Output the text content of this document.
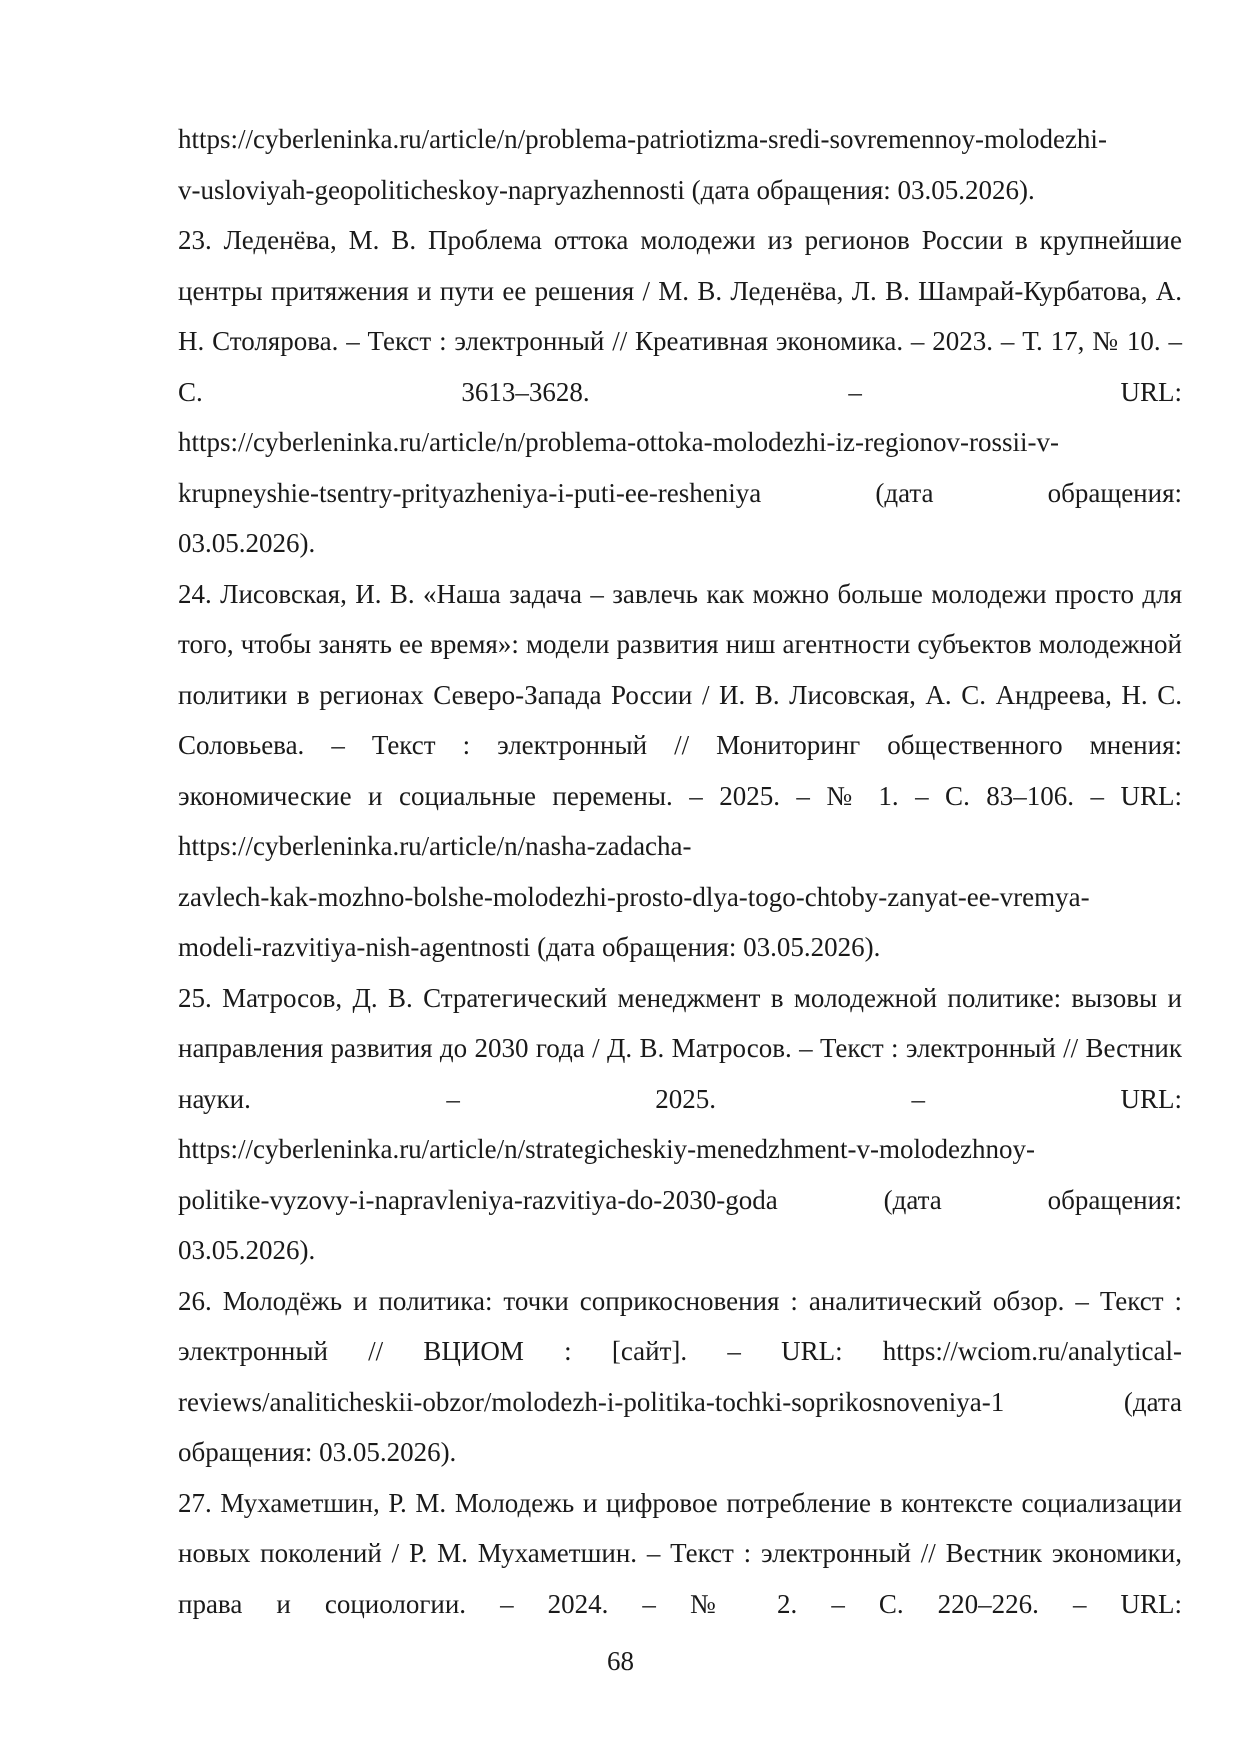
https://cyberleninka.ru/article/n/problema-patriotizma-sredi-sovremennoy-molodezhi-
v-usloviyah-geopoliticheskoy-napryazhennosti (дата обращения: 03.05.2026).
23. Леденёва, М. В. Проблема оттока молодежи из регионов России в крупнейшие центры притяжения и пути ее решения / М. В. Леденёва, Л. В. Шамрай-Курбатова, А. Н. Столярова. – Текст : электронный // Креативная экономика. – 2023. – Т. 17, № 10. – С. 3613–3628. – URL:
https://cyberleninka.ru/article/n/problema-ottoka-molodezhi-iz-regionov-rossii-v-
krupneyshie-tsentry-prityazheniya-i-puti-ee-resheniya (дата обращения:
03.05.2026).
24. Лисовская, И. В. «Наша задача – завлечь как можно больше молодежи просто для того, чтобы занять ее время»: модели развития ниш агентности субъектов молодежной политики в регионах Северо-Запада России / И. В. Лисовская, А. С. Андреева, Н. С. Соловьева. – Текст : электронный // Мониторинг общественного мнения: экономические и социальные перемены. – 2025. – № 1. – С. 83–106. – URL: https://cyberleninka.ru/article/n/nasha-zadacha-
zavlech-kak-mozhno-bolshe-molodezhi-prosto-dlya-togo-chtoby-zanyat-ee-vremya-
modeli-razvitiya-nish-agentnosti (дата обращения: 03.05.2026).
25. Матросов, Д. В. Стратегический менеджмент в молодежной политике: вызовы и направления развития до 2030 года / Д. В. Матросов. – Текст : электронный // Вестник науки. – 2025. – URL:
https://cyberleninka.ru/article/n/strategicheskiy-menedzhment-v-molodezhnoy-
politike-vyzovy-i-napravleniya-razvitiya-do-2030-goda (дата обращения:
03.05.2026).
26. Молодёжь и политика: точки соприкосновения : аналитический обзор. – Текст : электронный // ВЦИОМ : [сайт]. – URL: https://wciom.ru/analytical-
reviews/analiticheskii-obzor/molodezh-i-politika-tochki-soprikosnoveniya-1 (дата
обращения: 03.05.2026).
27. Мухаметшин, Р. М. Молодежь и цифровое потребление в контексте социализации новых поколений / Р. М. Мухаметшин. – Текст : электронный // Вестник экономики, права и социологии. – 2024. – № 2. – С. 220–226. – URL:
68
